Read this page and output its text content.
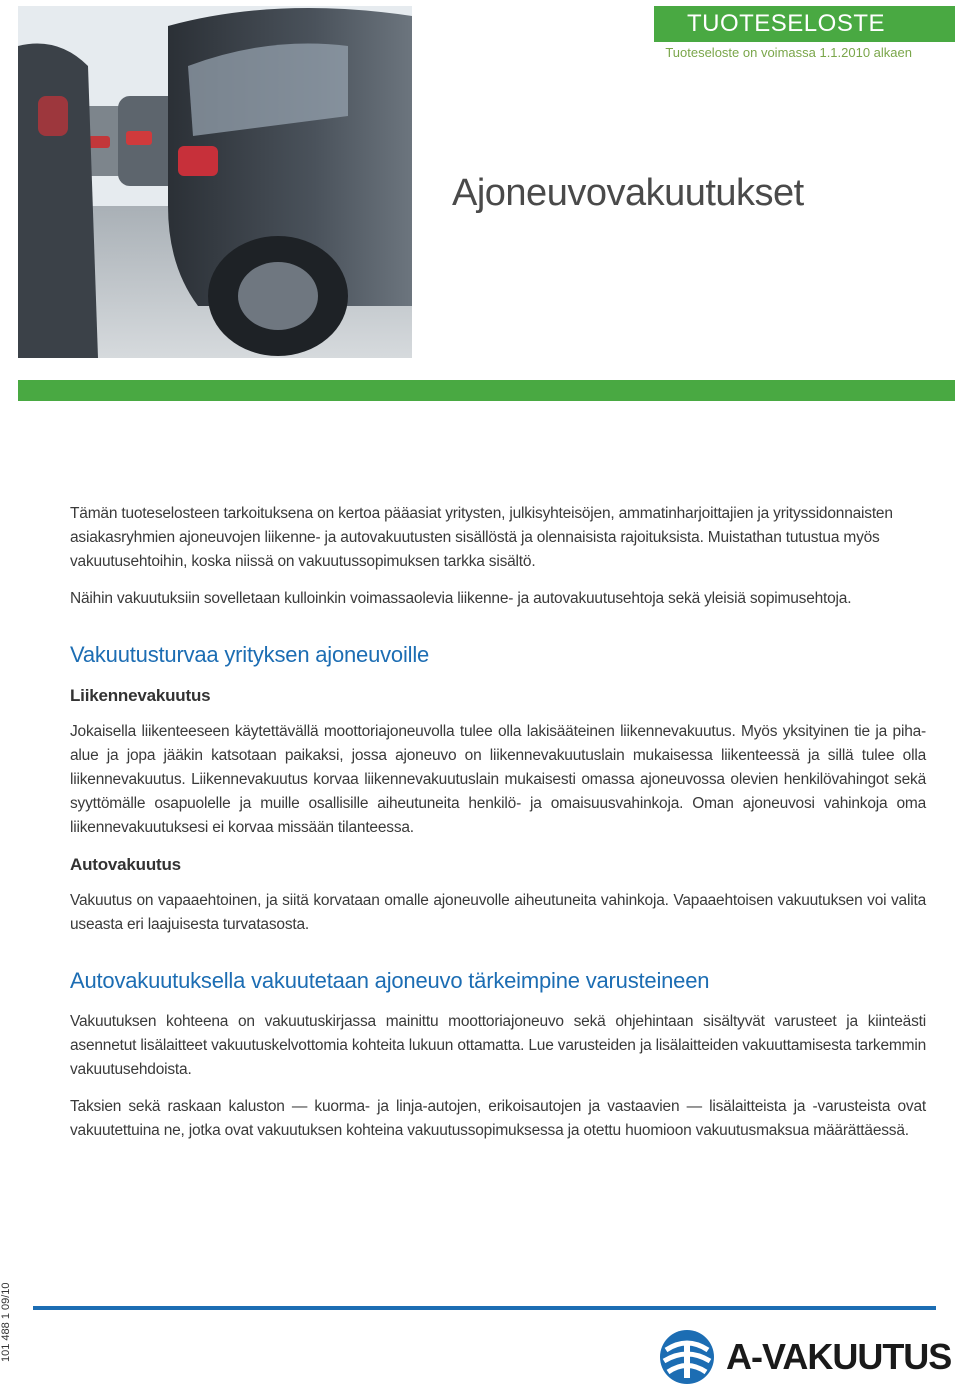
TUOTESELOSTE
Tuoteseloste on voimassa 1.1.2010 alkaen
Ajoneuvovakuutukset

Tämän tuoteselosteen tarkoituksena on kertoa pääasiat yritysten, julkisyhteisöjen, ammatinharjoittajien ja yrityssidonnaisten asiakasryhmien ajoneuvojen liikenne- ja autovakuutusten sisällöstä ja olennaisista rajoituksista. Muistathan tutustua myös vakuutusehtoihin, koska niissä on vakuutussopimuksen tarkka sisältö.

Näihin vakuutuksiin sovelletaan kulloinkin voimassaolevia liikenne- ja autovakuutusehtoja sekä yleisiä sopimusehtoja.

Vakuutusturvaa yrityksen ajoneuvoille
Liikennevakuutus

Jokaisella liikenteeseen käytettävällä moottoriajoneuvolla tulee olla lakisääteinen liikennevakuutus. Myös yksityinen tie ja piha-alue ja jopa jääkin katsotaan paikaksi, jossa ajoneuvo on liikennevakuutuslain mukaisessa liikenteessä ja sillä tulee olla liikennevakuutus. Liikennevakuutus korvaa liikennevakuutuslain mukaisesti omassa ajoneuvossa olevien henkilövahingot sekä syyttömälle osapuolelle ja muille osallisille aiheutuneita henkilö- ja omaisuusvahinkoja. Oman ajoneuvosi vahinkoja oma liikennevakuutuksesi ei korvaa missään tilanteessa.

Autovakuutus

Vakuutus on vapaaehtoinen, ja siitä korvataan omalle ajoneuvolle aiheutuneita vahinkoja. Vapaaehtoisen vakuutuksen voi valita useasta eri laajuisesta turvatasosta.

Autovakuutuksella vakuutetaan ajoneuvo tärkeimpine varusteineen

Vakuutuksen kohteena on vakuutuskirjassa mainittu moottoriajoneuvo sekä ohjehintaan sisältyvät varusteet ja kiinteästi asennetut lisälaitteet vakuutuskelvottomia kohteita lukuun ottamatta. Lue varusteiden ja lisälaitteiden vakuuttamisesta tarkemmin vakuutusehdoista.

Taksien sekä raskaan kaluston — kuorma- ja linja-autojen, erikoisautojen ja vastaavien — lisälaitteista ja -varusteista ovat vakuutettuina ne, jotka ovat vakuutuksen kohteina vakuutussopimuksessa ja otettu huomioon vakuutusmaksua määrättäessä.

101 488 1 09/10	A-VAKUUTUS
